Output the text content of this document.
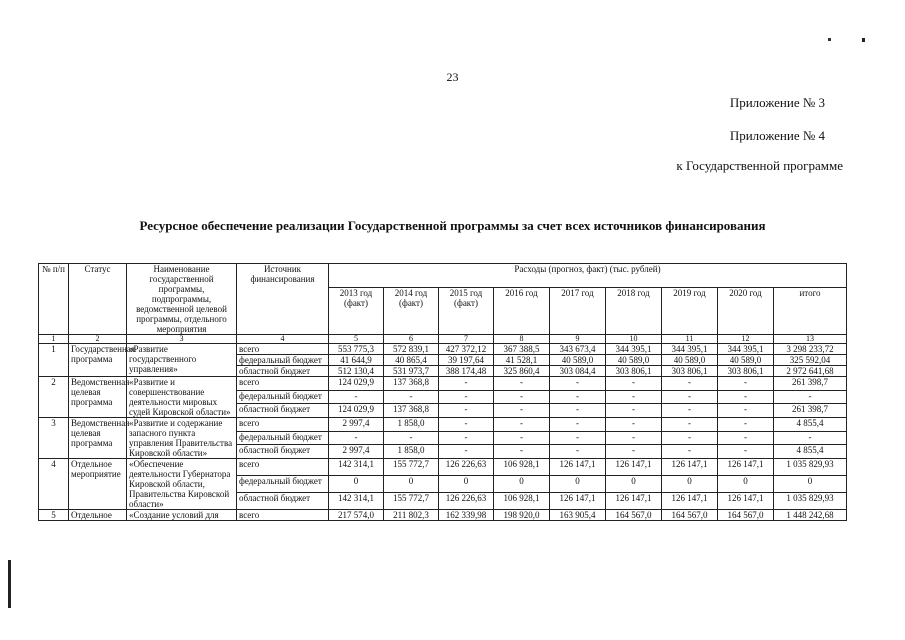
23
Приложение № 3
Приложение № 4
к Государственной программе
Ресурсное обеспечение реализации Государственной программы за счет всех источников финансирования
№ п/п	Статус	Наименование государственной программы, подпрограммы, ведомственной целевой программы, отдельного мероприятия	Источник финансирования	Расходы (прогноз, факт) (тыс. рублей)								
				2013 год (факт)	2014 год (факт)	2015 год (факт)	2016 год	2017 год	2018 год	2019 год	2020 год	итого
1	2	3	4	5	6	7	8	9	10	11	12	13
1	Государственная программа	«Развитие государственного управления»	всего	553 775,3	572 839,1	427 372,12	367 388,5	343 673,4	344 395,1	344 395,1	344 395,1	3 298 233,72
			федеральный бюджет	41 644,9	40 865,4	39 197,64	41 528,1	40 589,0	40 589,0	40 589,0	40 589,0	325 592,04
			областной бюджет	512 130,4	531 973,7	388 174,48	325 860,4	303 084,4	303 806,1	303 806,1	303 806,1	2 972 641,68
2	Ведомственная целевая программа	«Развитие и совершенствование деятельности мировых судей Кировской области»	всего	124 029,9	137 368,8	-	-	-	-	-	-	261 398,7
			федеральный бюджет	-	-	-	-	-	-	-	-	-
			областной бюджет	124 029,9	137 368,8	-	-	-	-	-	-	261 398,7
3	Ведомственная целевая программа	«Развитие и содержание запасного пункта управления Правительства Кировской области»	всего	2 997,4	1 858,0	-	-	-	-	-	-	4 855,4
			федеральный бюджет	-	-	-	-	-	-	-	-	-
			областной бюджет	2 997,4	1 858,0	-	-	-	-	-	-	4 855,4
4	Отдельное мероприятие	«Обеспечение деятельности Губернатора Кировской области, Правительства Кировской области»	всего	142 314,1	155 772,7	126 226,63	106 928,1	126 147,1	126 147,1	126 147,1	126 147,1	1 035 829,93
			федеральный бюджет	0	0	0	0	0	0	0	0	0
			областной бюджет	142 314,1	155 772,7	126 226,63	106 928,1	126 147,1	126 147,1	126 147,1	126 147,1	1 035 829,93
5	Отдельное	«Создание условий для	всего	217 574,0	211 802,3	162 339,98	198 920,0	163 905,4	164 567,0	164 567,0	164 567,0	1 448 242,68
